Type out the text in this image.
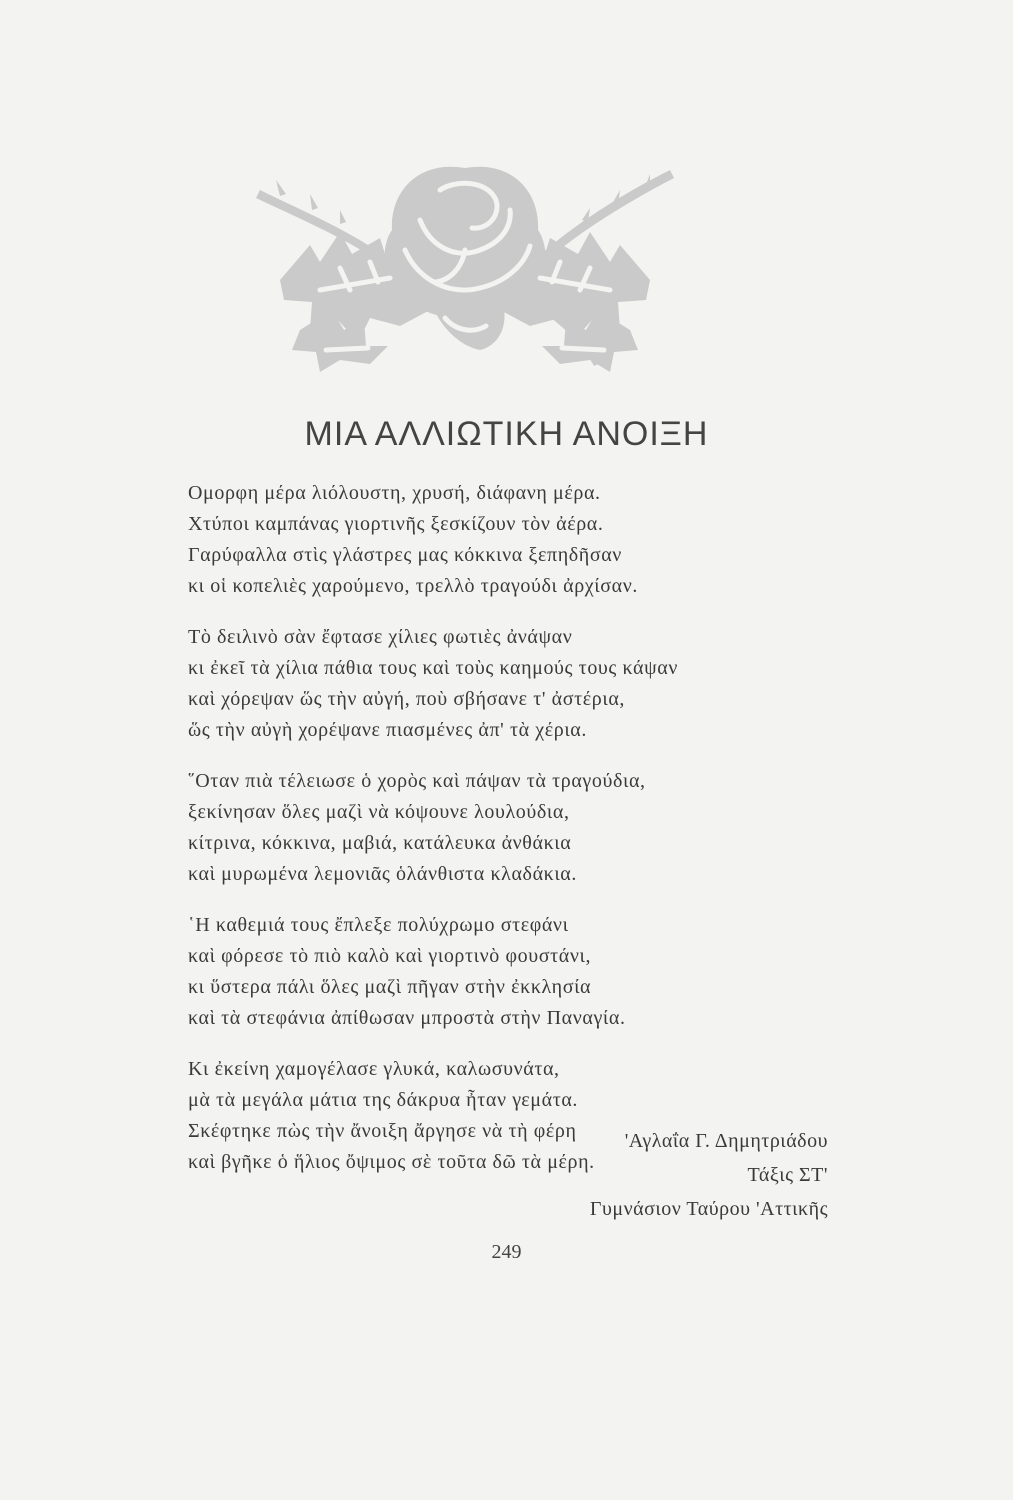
ΜΙΑ ΑΛΛΙΩΤΙΚΗ ΑΝΟΙΞΗ
Ομορφη μέρα λιόλουστη, χρυσή, διάφανη μέρα.
Χτύποι καμπάνας γιορτινῆς ξεσκίζουν τὸν ἀέρα.
Γαρύφαλλα στὶς γλάστρες μας κόκκινα ξεπηδῆσαν
κι οἱ κοπελιὲς χαρούμενο, τρελλὸ τραγούδι ἀρχίσαν.
Τὸ δειλινὸ σὰν ἔφτασε χίλιες φωτιὲς ἀνάψαν
κι ἐκεῖ τὰ χίλια πάθια τους καὶ τοὺς καημούς τους κάψαν
καὶ χόρεψαν ὥς τὴν αὐγή, ποὺ σβήσανε τ' ἀστέρια,
ὥς τὴν αὐγὴ χορέψανε πιασμένες ἀπ' τὰ χέρια.
῞Οταν πιὰ τέλειωσε ὁ χορὸς καὶ πάψαν τὰ τραγούδια,
ξεκίνησαν ὅλες μαζὶ νὰ κόψουνε λουλούδια,
κίτρινα, κόκκινα, μαβιά, κατάλευκα ἀνθάκια
καὶ μυρωμένα λεμονιᾶς ὁλάνθιστα κλαδάκια.
῾Η καθεμιά τους ἔπλεξε πολύχρωμο στεφάνι
καὶ φόρεσε τὸ πιὸ καλὸ καὶ γιορτινὸ φουστάνι,
κι ὕστερα πάλι ὅλες μαζὶ πῆγαν στὴν ἐκκλησία
καὶ τὰ στεφάνια ἀπίθωσαν μπροστὰ στὴν Παναγία.
Κι ἐκείνη χαμογέλασε γλυκά, καλωσυνάτα,
μὰ τὰ μεγάλα μάτια της δάκρυα ἦταν γεμάτα.
Σκέφτηκε πὼς τὴν ἄνοιξη ἄργησε νὰ τὴ φέρη
καὶ βγῆκε ὁ ἥλιος ὄψιμος σὲ τοῦτα δῶ τὰ μέρη.
'Αγλαΐα Γ. Δημητριάδου
Τάξις ΣΤ'
Γυμνάσιον Ταύρου 'Αττικῆς
249
